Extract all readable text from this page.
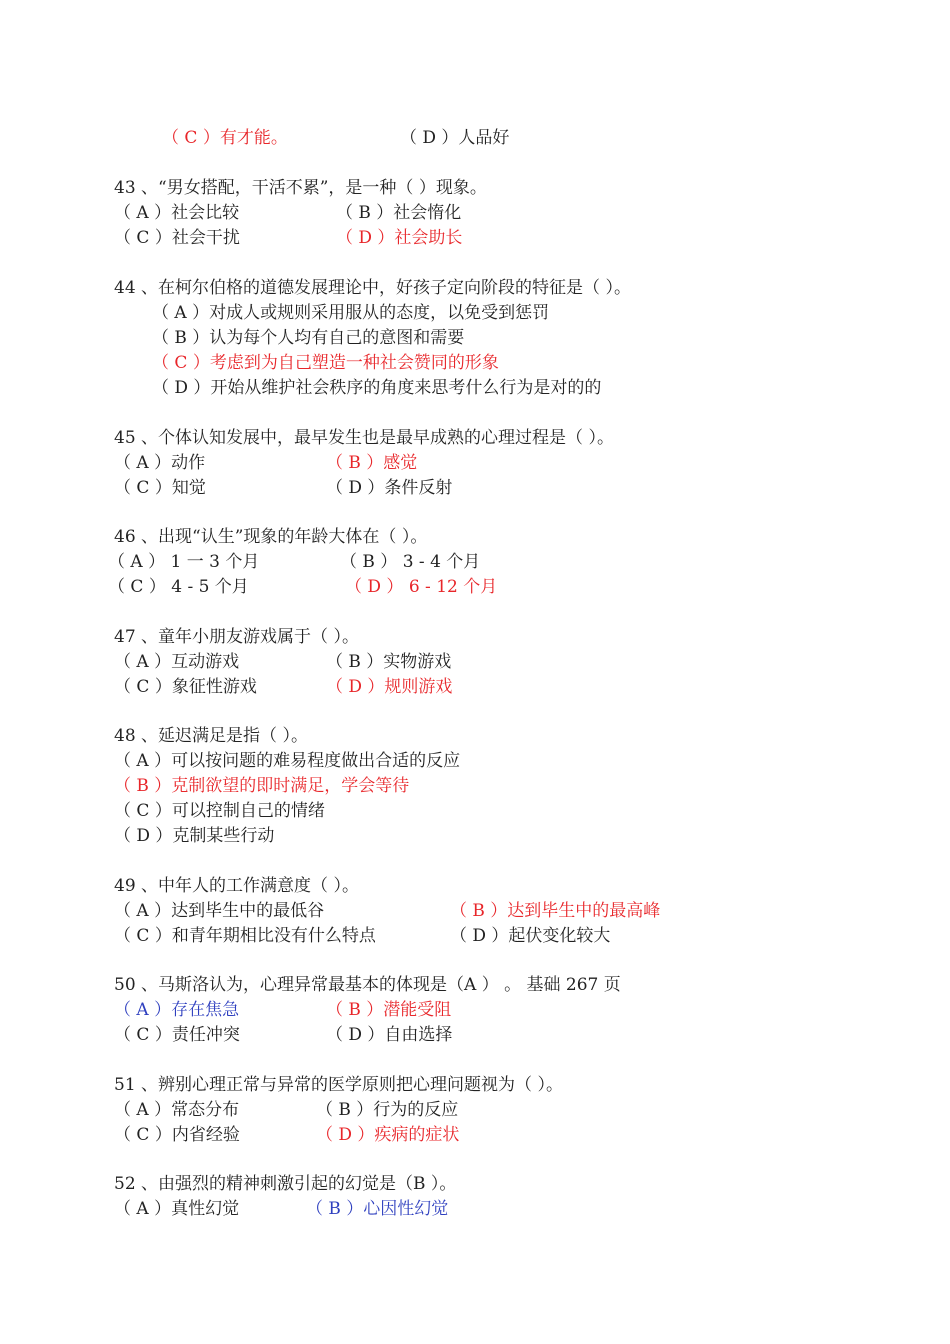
（ C ）有才能。	（ D ）人品好
43 、“男女搭配，干活不累”，是一种（ ）现象。
（ A ）社会比较	（ B ）社会惰化
（ C ）社会干扰	（ D ）社会助长
44 、在柯尔伯格的道德发展理论中，好孩子定向阶段的特征是（ ）。
（ A ）对成人或规则采用服从的态度，以免受到惩罚
（ B ）认为每个人均有自己的意图和需要
（ C ）考虑到为自己塑造一种社会赞同的形象
（ D ）开始从维护社会秩序的角度来思考什么行为是对的的
45 、个体认知发展中，最早发生也是最早成熟的心理过程是（ ）。
（ A ）动作	（ B ）感觉
（ C ）知觉	（ D ）条件反射
46 、出现“认生”现象的年龄大体在（ ）。
（ A ） 1 一 3 个月	（ B ） 3 - 4 个月
（ C ） 4 - 5 个月	（ D ） 6 - 12 个月
47 、童年小朋友游戏属于（ ）。
（ A ）互动游戏	（ B ）实物游戏
（ C ）象征性游戏	（ D ）规则游戏
48 、延迟满足是指（ ）。
（ A ）可以按问题的难易程度做出合适的反应
（ B ）克制欲望的即时满足，学会等待
（ C ）可以控制自己的情绪
（ D ）克制某些行动
49 、中年人的工作满意度（ ）。
（ A ）达到毕生中的最低谷	（ B ）达到毕生中的最高峰
（ C ）和青年期相比没有什么特点	（ D ）起伏变化较大
50 、马斯洛认为，心理异常最基本的体现是（A ） 。 基础 267 页
（ A ）存在焦急	（ B ）潜能受阻
（ C ）责任冲突	（ D ）自由选择
51 、辨别心理正常与异常的医学原则把心理问题视为（ ）。
（ A ）常态分布	（ B ）行为的反应
（ C ）内省经验	（ D ）疾病的症状
52 、由强烈的精神刺激引起的幻觉是（B ）。
（ A ）真性幻觉	（ B ）心因性幻觉
